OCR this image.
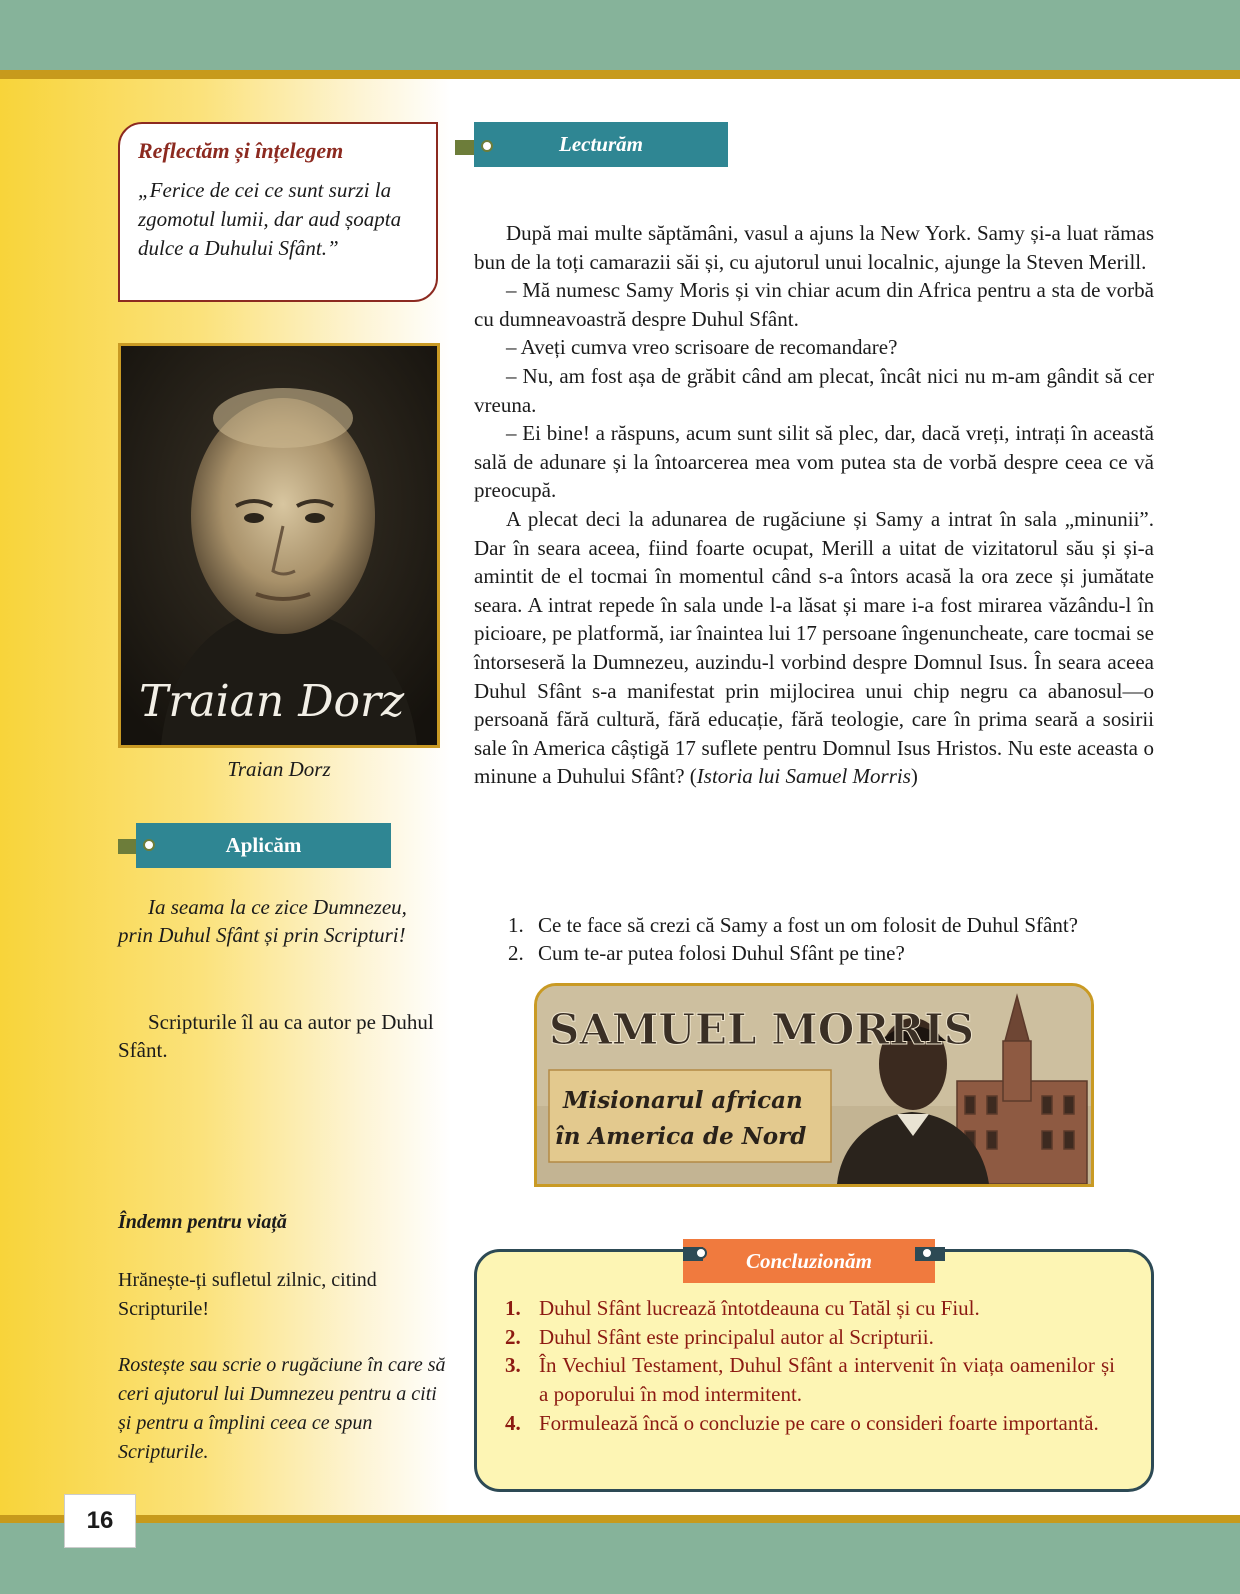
Reflectăm și înțelegem
„Ferice de cei ce sunt surzi la zgomotul lumii, dar aud șoapta dulce a Duhului Sfânt.”
Traian Dorz
Traian Dorz
Aplicăm
Ia seama la ce zice Dumnezeu, prin Duhul Sfânt și prin Scripturi!
Scripturile îl au ca autor pe Duhul Sfânt.
Îndemn pentru viață
Hrănește-ți sufletul zilnic, citind Scripturile!
Rostește sau scrie o rugăciune în care să ceri ajutorul lui Dumnezeu pentru a citi și pentru a împlini ceea ce spun Scripturile.
16
Lecturăm

După mai multe săptămâni, vasul a ajuns la New York. Samy și-a luat rămas bun de la toți camarazii săi și, cu ajutorul unui localnic, ajunge la Steven Merill.

– Mă numesc Samy Moris și vin chiar acum din Africa pentru a sta de vorbă cu dumneavoastră despre Duhul Sfânt.

– Aveți cumva vreo scrisoare de recomandare?

– Nu, am fost așa de grăbit când am plecat, încât nici nu m-am gândit să cer vreuna.

– Ei bine! a răspuns, acum sunt silit să plec, dar, dacă vreți, intrați în această sală de adunare și la întoarcerea mea vom putea sta de vorbă despre ceea ce vă preocupă.

A plecat deci la adunarea de rugăciune și Samy a intrat în sala „minunii”. Dar în seara aceea, fiind foarte ocupat, Merill a uitat de vizitatorul său și și-a amintit de el tocmai în momentul când s-a întors acasă la ora zece și jumătate seara. A intrat repede în sala unde l-a lăsat și mare i-a fost mirarea văzându-l în picioare, pe platformă, iar înaintea lui 17 persoane îngenuncheate, care tocmai se întorseseră la Dumnezeu, auzindu-l vorbind despre Domnul Isus. În seara aceea Duhul Sfânt s-a manifestat prin mijlocirea unui chip negru ca abanosul—o persoană fără cultură, fără educație, fără teologie, care în prima seară a sosirii sale în America câștigă 17 suflete pentru Domnul Isus Hristos. Nu este aceasta o minune a Duhului Sfânt? (Istoria lui Samuel Morris)

1. Ce te face să crezi că Samy a fost un om folosit de Duhul Sfânt?
2. Cum te-ar putea folosi Duhul Sfânt pe tine?
SAMUEL MORRIS
Misionarul african
în America de Nord
1. Duhul Sfânt lucrează întotdeauna cu Tatăl și cu Fiul.
2. Duhul Sfânt este principalul autor al Scripturii.
3. În Vechiul Testament, Duhul Sfânt a intervenit în viața oamenilor și a poporului în mod intermitent.
4. Formulează încă o concluzie pe care o consideri foarte importantă.
Concluzionăm
